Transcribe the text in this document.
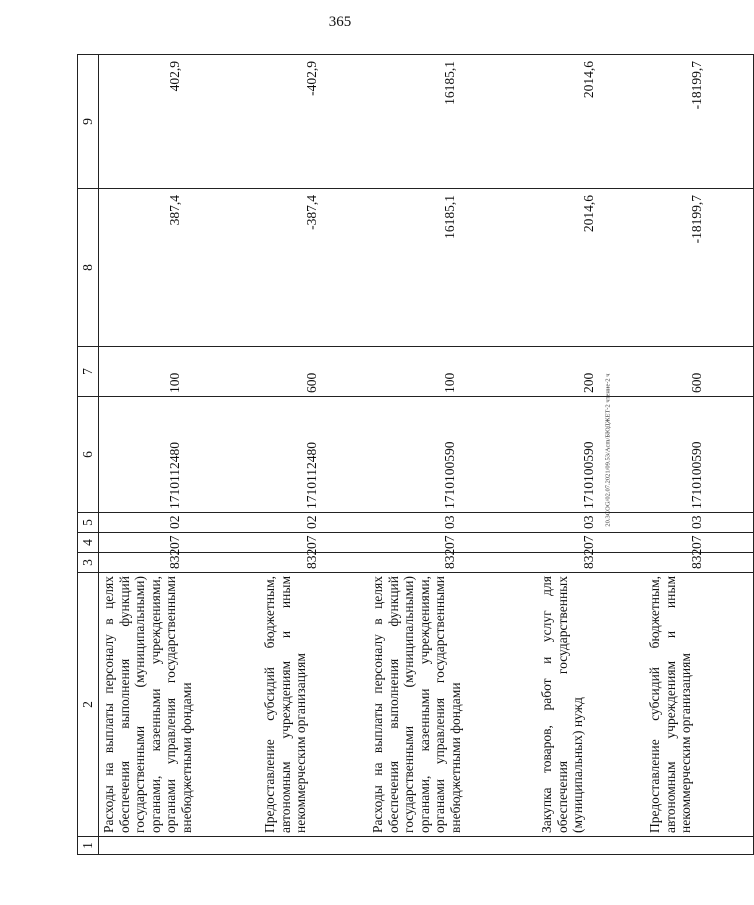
365
20.3COG/02.07.2021/09.53/Acm/БЮДЖЕТ-2 чтение-2 ч
1	2	3	4	5	6	7	8	9
	Расходы на выплаты персоналу в целях обеспечения выполнения функций государственными (муниципальными) органами, казенными учреждениями, органами управления государственными внебюджетными фондами	832	07	02	1710112480	100	387,4	402,9
	Предоставление субсидий бюджетным, автономным учреждениям и иным некоммерческим организациям	832	07	02	1710112480	600	-387,4	-402,9
	Расходы на выплаты персоналу в целях обеспечения выполнения функций государственными (муниципальными) органами, казенными учреждениями, органами управления государственными внебюджетными фондами	832	07	03	1710100590	100	16185,1	16185,1
	Закупка товаров, работ и услуг для обеспечения государственных (муниципальных) нужд	832	07	03	1710100590	200	2014,6	2014,6
	Предоставление субсидий бюджетным, автономным учреждениям и иным некоммерческим организациям	832	07	03	1710100590	600	-18199,7	-18199,7
